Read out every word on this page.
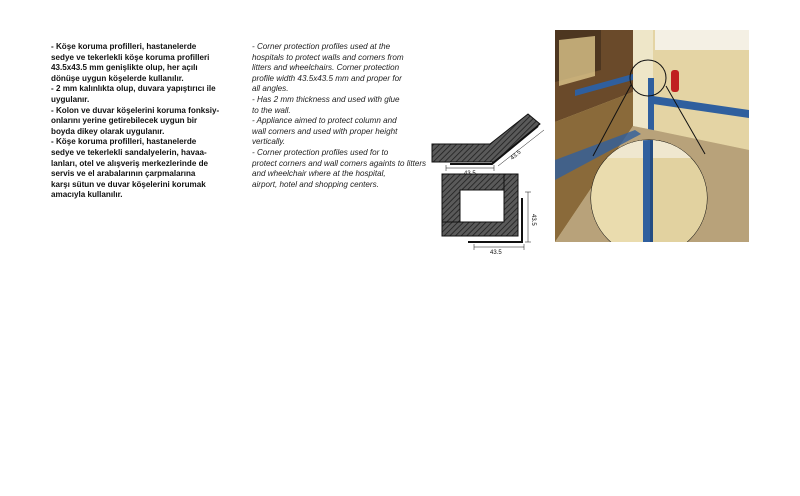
- Köşe koruma profilleri, hastanelerde
sedye ve tekerlekli köşe koruma profilleri
43.5x43.5 mm genişlikte olup, her açılı
dönüşe uygun köşelerde kullanılır.

- 2 mm kalınlıkta olup, duvara yapıştırıcı ile
uygulanır.

- Kolon ve duvar köşelerini koruma fonksiy-
onlarını yerine getirebilecek uygun bir
boyda dikey olarak uygulanır.

- Köşe koruma profilleri, hastanelerde
sedye ve tekerlekli sandalyelerin, havaa-
lanları, otel ve alışveriş merkezlerinde de
servis ve el arabalarının çarpmalarına
karşı sütun ve duvar köşelerini korumak
amacıyla kullanılır.

- Corner protection profiles used at the
hospitals to protect walls and corners from
litters and wheelchairs. Corner protection
profile width 43.5x43.5 mm and proper for
all angles.

- Has 2 mm thickness and used with glue
to the wall.

- Appliance aimed to protect column and
wall corners and used with proper height
vertically.

- Corner protection profiles used for to
protect corners and wall corners againts to litters
and wheelchair where at the hospital,
airport, hotel and shopping centers.

43.5
43.5
43.5
